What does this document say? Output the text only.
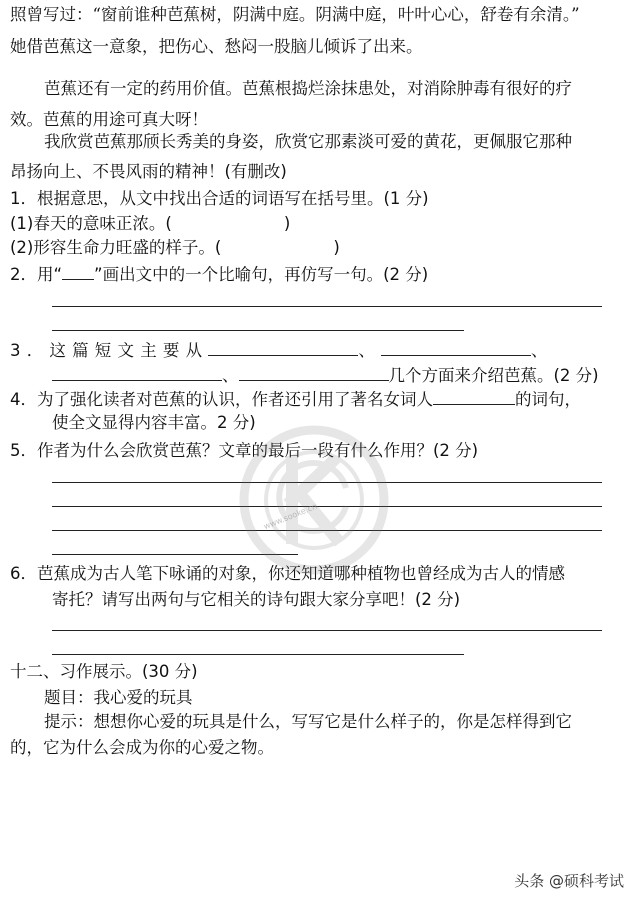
照曾写过：“窗前谁种芭蕉树，阴满中庭。阴满中庭，叶叶心心，舒卷有余清。”
她借芭蕉这一意象，把伤心、愁闷一股脑儿倾诉了出来。
芭蕉还有一定的药用价值。芭蕉根捣烂涂抹患处，对消除肿毒有很好的疗
效。芭蕉的用途可真大呀！
我欣赏芭蕉那颀长秀美的身姿，欣赏它那素淡可爱的黄花，更佩服它那种
昂扬向上、不畏风雨的精神！(有删改)
1．根据意思，从文中找出合适的词语写在括号里。(1 分)
(1)春天的意味正浓。(	)
(2)形容生命力旺盛的样子。(	)
2．用“ ”画出文中的一个比喻句，再仿写一句。(2 分)
3．这篇短文主要从	、	、
、	几个方面来介绍芭蕉。(2 分)
4．为了强化读者对芭蕉的认识，作者还引用了著名女词人	的词句，
使全文显得内容丰富。2 分)
5．作者为什么会欣赏芭蕉？文章的最后一段有什么作用？(2 分)
6．芭蕉成为古人笔下咏诵的对象，你还知道哪种植物也曾经成为古人的情感
寄托？请写出两句与它相关的诗句跟大家分享吧！(2 分)
十二、习作展示。(30 分)
题目：我心爱的玩具
提示：想想你心爱的玩具是什么，写写它是什么样子的，你是怎样得到它
的，它为什么会成为你的心爱之物。
www.sooke.cn
头条 @硕科考试
